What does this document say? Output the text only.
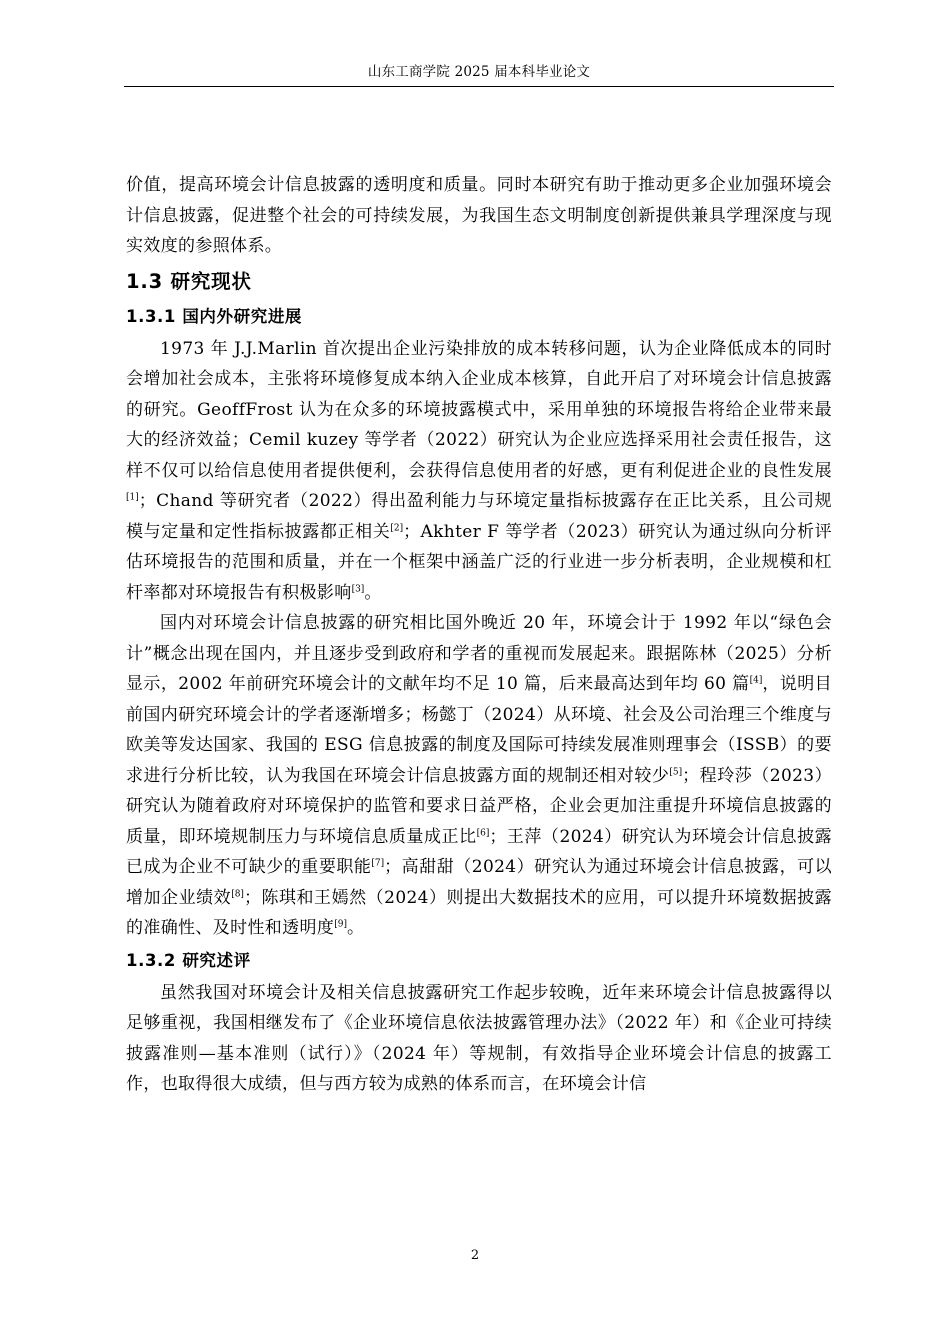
山东工商学院 2025 届本科毕业论文

价值，提高环境会计信息披露的透明度和质量。同时本研究有助于推动更多企业加强环境会计信息披露，促进整个社会的可持续发展，为我国生态文明制度创新提供兼具学理深度与现实效度的参照体系。

1.3 研究现状
1.3.1 国内外研究进展

1973 年 J.J.Marlin 首次提出企业污染排放的成本转移问题，认为企业降低成本的同时会增加社会成本，主张将环境修复成本纳入企业成本核算，自此开启了对环境会计信息披露的研究。GeoffFrost 认为在众多的环境披露模式中，采用单独的环境报告将给企业带来最大的经济效益；Cemil kuzey 等学者（2022）研究认为企业应选择采用社会责任报告，这样不仅可以给信息使用者提供便利，会获得信息使用者的好感，更有利促进企业的良性发展[1]；Chand 等研究者（2022）得出盈利能力与环境定量指标披露存在正比关系，且公司规模与定量和定性指标披露都正相关[2]；Akhter F 等学者（2023）研究认为通过纵向分析评估环境报告的范围和质量，并在一个框架中涵盖广泛的行业进一步分析表明，企业规模和杠杆率都对环境报告有积极影响[3]。

国内对环境会计信息披露的研究相比国外晚近 20 年，环境会计于 1992 年以“绿色会计”概念出现在国内，并且逐步受到政府和学者的重视而发展起来。跟据陈林（2025）分析显示，2002 年前研究环境会计的文献年均不足 10 篇，后来最高达到年均 60 篇[4]，说明目前国内研究环境会计的学者逐渐增多；杨懿丁（2024）从环境、社会及公司治理三个维度与欧美等发达国家、我国的 ESG 信息披露的制度及国际可持续发展准则理事会（ISSB）的要求进行分析比较，认为我国在环境会计信息披露方面的规制还相对较少[5]；程玲莎（2023）研究认为随着政府对环境保护的监管和要求日益严格，企业会更加注重提升环境信息披露的质量，即环境规制压力与环境信息质量成正比[6]；王萍（2024）研究认为环境会计信息披露已成为企业不可缺少的重要职能[7]；高甜甜（2024）研究认为通过环境会计信息披露，可以增加企业绩效[8]；陈琪和王嫣然（2024）则提出大数据技术的应用，可以提升环境数据披露的准确性、及时性和透明度[9]。

1.3.2 研究述评

虽然我国对环境会计及相关信息披露研究工作起步较晚，近年来环境会计信息披露得以足够重视，我国相继发布了《企业环境信息依法披露管理办法》（2022 年）和《企业可持续披露准则—基本准则（试行）》（2024 年）等规制，有效指导企业环境会计信息的披露工作，也取得很大成绩，但与西方较为成熟的体系而言，在环境会计信

2
